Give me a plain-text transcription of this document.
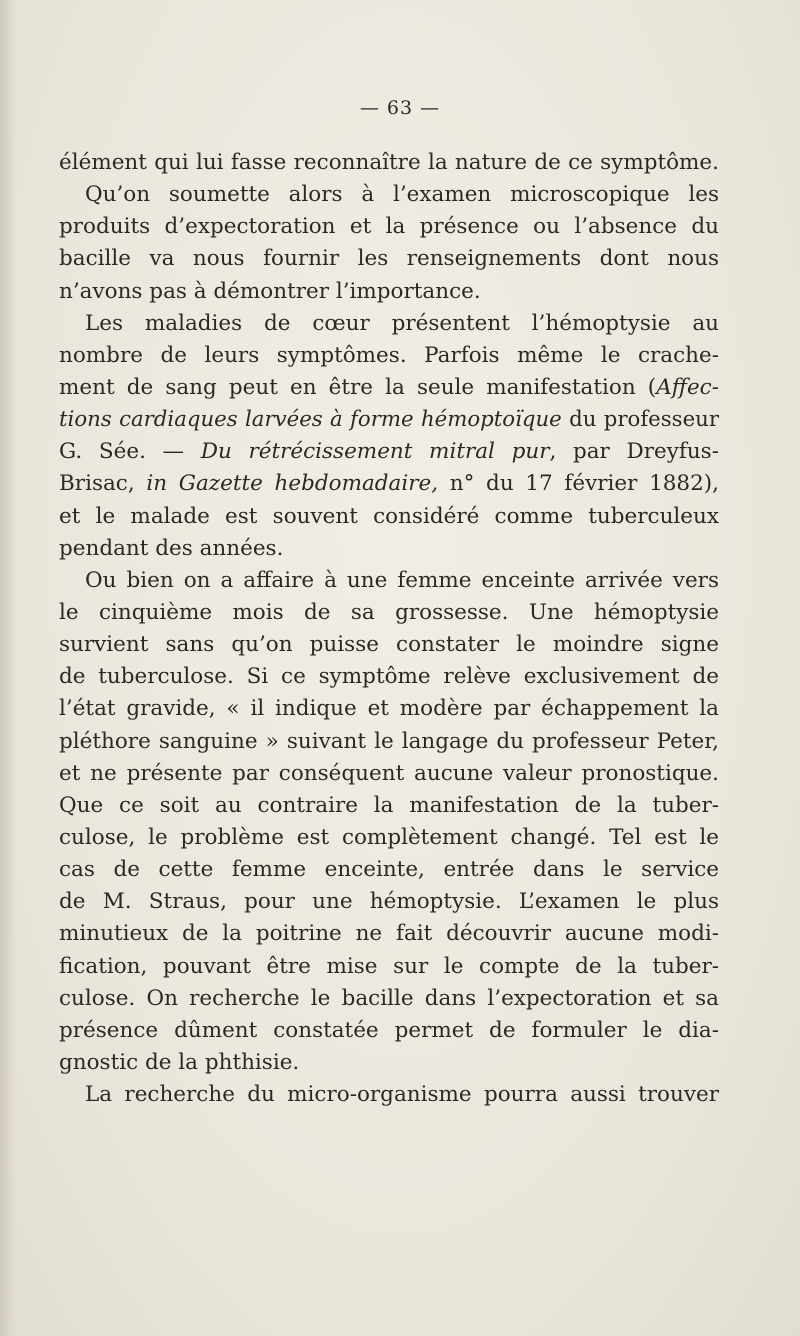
— 63 —
élément qui lui fasse reconnaître la nature de ce symptôme.
Qu’on soumette alors à l’examen microscopique les
produits d’expectoration et la présence ou l’absence du
bacille va nous fournir les renseignements dont nous
n’avons pas à démontrer l’importance.
Les maladies de cœur présentent l’hémoptysie au
nombre de leurs symptômes. Parfois même le crache-
ment de sang peut en être la seule manifestation (Affec-
tions cardiaques larvées à forme hémoptoïque du professeur
G. Sée. — Du rétrécissement mitral pur, par Dreyfus-
Brisac, in Gazette hebdomadaire, n° du 17 février 1882),
et le malade est souvent considéré comme tuberculeux
pendant des années.
Ou bien on a affaire à une femme enceinte arrivée vers
le cinquième mois de sa grossesse. Une hémoptysie
survient sans qu’on puisse constater le moindre signe
de tuberculose. Si ce symptôme relève exclusivement de
l’état gravide, « il indique et modère par échappement la
pléthore sanguine » suivant le langage du professeur Peter,
et ne présente par conséquent aucune valeur pronostique.
Que ce soit au contraire la manifestation de la tuber-
culose, le problème est complètement changé. Tel est le
cas de cette femme enceinte, entrée dans le service
de M. Straus, pour une hémoptysie. L’examen le plus
minutieux de la poitrine ne fait découvrir aucune modi-
fication, pouvant être mise sur le compte de la tuber-
culose. On recherche le bacille dans l’expectoration et sa
présence dûment constatée permet de formuler le dia-
gnostic de la phthisie.
La recherche du micro-organisme pourra aussi trouver
